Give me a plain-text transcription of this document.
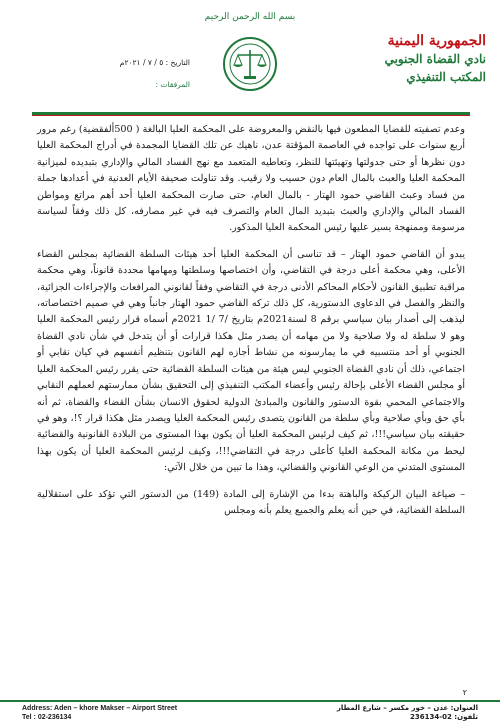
بسم الله الرحمن الرحيم
الجمهورية اليمنية
نادي القضاة الجنوبي
المكتب التنفيذي
التاريخ : ٥ / ٧ / ٢٠٢١م
المرفقات :

وعدم تصفيته للقضايا المطعون فيها بالنقض والمعروضة على المحكمة العليا البالغة ( 500ألفقضية) رغم مرور أربع سنوات على تواجده في العاصمة المؤقتة عدن، ناهيك عن تلك القضايا المجمدة في أدراج المحكمة العليا دون نظرها أو حتى جدولتها وتهيئتها للنظر، وتعاطيه المتعمد مع نهج الفساد المالي والإداري بتبديده لميزانية المحكمة العليا والعبث بالمال العام دون حسيب ولا رقيب. وقد تناولت صحيفة الأيام العدنية في أعدادها جملة من فساد وعبث القاضي حمود الهتار - بالمال العام، حتى صارت المحكمة العليا أحد أهم مراتع ومواطن الفساد المالي والإداري والعبث بتبديد المال العام والتصرف فيه في غير مصارفه، كل ذلك وفقاً لسياسة مرسومة وممنهجة يسير عليها رئيس المحكمة العليا المذكور.

يبدو أن القاضي حمود الهتار – قد تناسى أن المحكمة العليا أحد هيئات السلطة القضائية بمجلس القضاء الأعلى، وهي محكمة أعلى درجة في التقاضي، وأن اختصاصها وسلطتها ومهامها محددة قانوناً، وهي محكمة مراقبة تطبيق القانون لأحكام المحاكم الأدنى درجة في التقاضي وفقاً لقانوني المرافعات والإجراءات الجزائية، والنظر والفصل في الدعاوى الدستورية، كل ذلك تركه القاضي حمود الهتار جانباً وهي في صميم اختصاصاته، ليذهب إلى أصدار بيان سياسي برقم 8 لسنة2021م بتاريخ /7 /1 2021م أسماه قرار رئيس المحكمة العليا وهو لا سلطة له ولا صلاحية ولا من مهامه أن يصدر مثل هكذا قرارات أو أن يتدخل في شأن نادي القضاة الجنوبي أو أحد منتسبيه في ما يمارسونه من نشاط أجازه لهم القانون بتنظيم أنفسهم في كيان نقابي أو اجتماعي، ذلك أن نادي القضاة الجنوبي ليس هيئة من هيئات السلطة القضائية حتى يقرر رئيس المحكمة العليا أو مجلس القضاء الأعلى بإحالة رئيس وأعضاء المكتب التنفيذي إلى التحقيق بشأن ممارستهم لعملهم النقابي والاجتماعي المحمي بقوة الدستور والقانون والمبادئ الدولية لحقوق الانسان بشأن القضاء والقضاة، ثم أنه بأي حق وبأي صلاحية وبأي سلطة من القانون يتصدى رئيس المحكمة العليا ويصدر مثل هكذا قرار ؟!، وهو في حقيقته بيان سياسي!!!، ثم كيف لرئيس المحكمة العليا أن يكون بهذا المستوى من البلادة القانونية والقضائية ليحط من مكانة المحكمة العليا كأعلى درجة في التقاضي!!!، وكيف لرئيس المحكمة العليا أن يكون بهذا المستوى المتدني من الوعي القانوني والقضائي، وهذا ما تبين من خلال الآتي:

– صياغة البيان الركيكة والباهتة بدءا من الإشارة إلى المادة (149) من الدستور التي تؤكد على استقلالية السلطة القضائية، في حين أنه يعلم والجميع يعلم بأنه ومجلس

٢
Address: Aden – khore Makser – Airport Street
Tel : 02-236134
العنوان: عدن – خور مكسر – شارع المطار
تلفون: 02-236134
